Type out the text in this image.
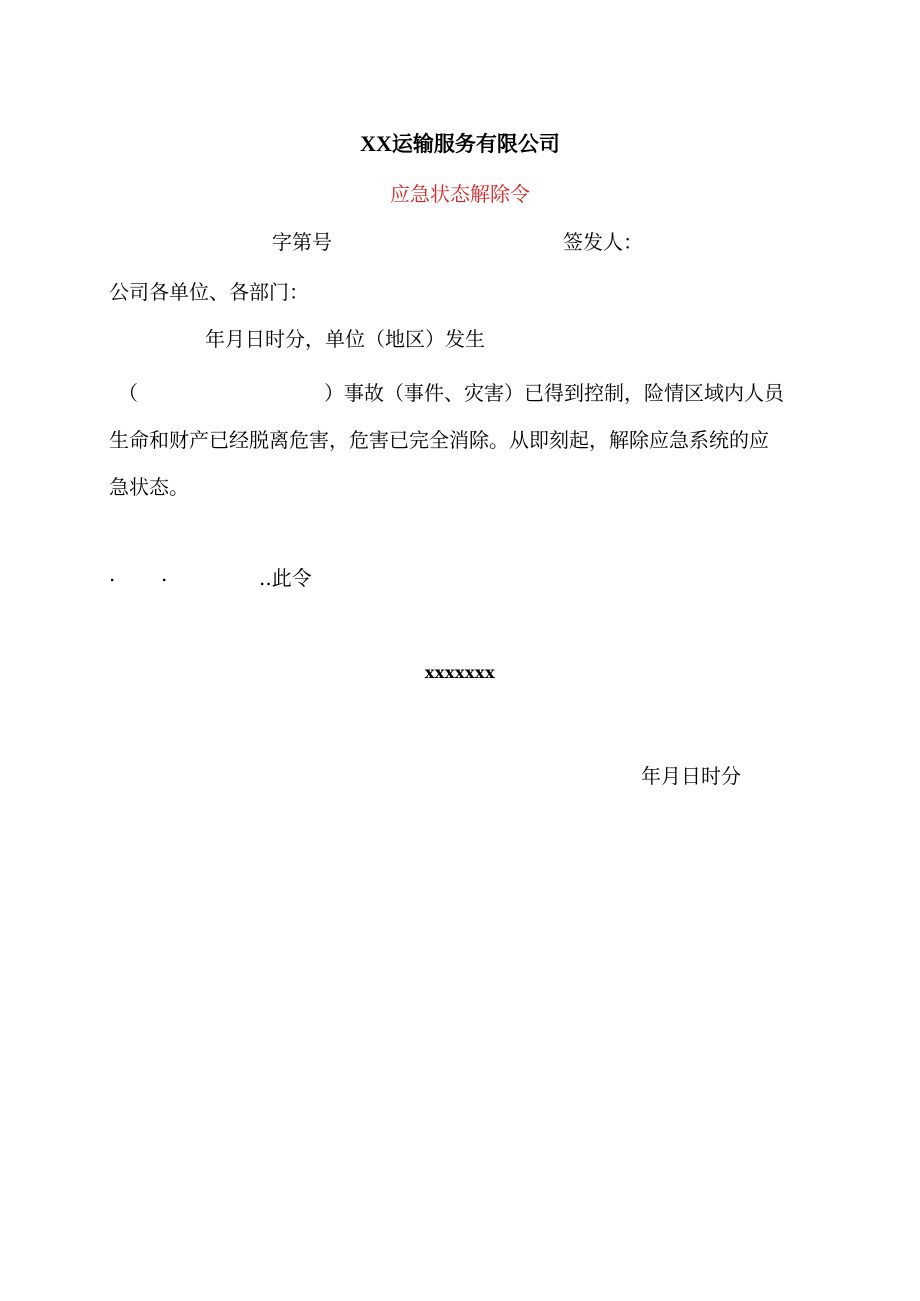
XX运输服务有限公司
应急状态解除令
字第号	签发人：
公司各单位、各部门：
年月日时分，单位（地区）发生
（	）事故（事件、灾害）已得到控制，险情区域内人员
生命和财产已经脱离危害，危害已完全消除。从即刻起，解除应急系统的应
急状态。
. .	..此令
xxxxxxx
年月日时分
